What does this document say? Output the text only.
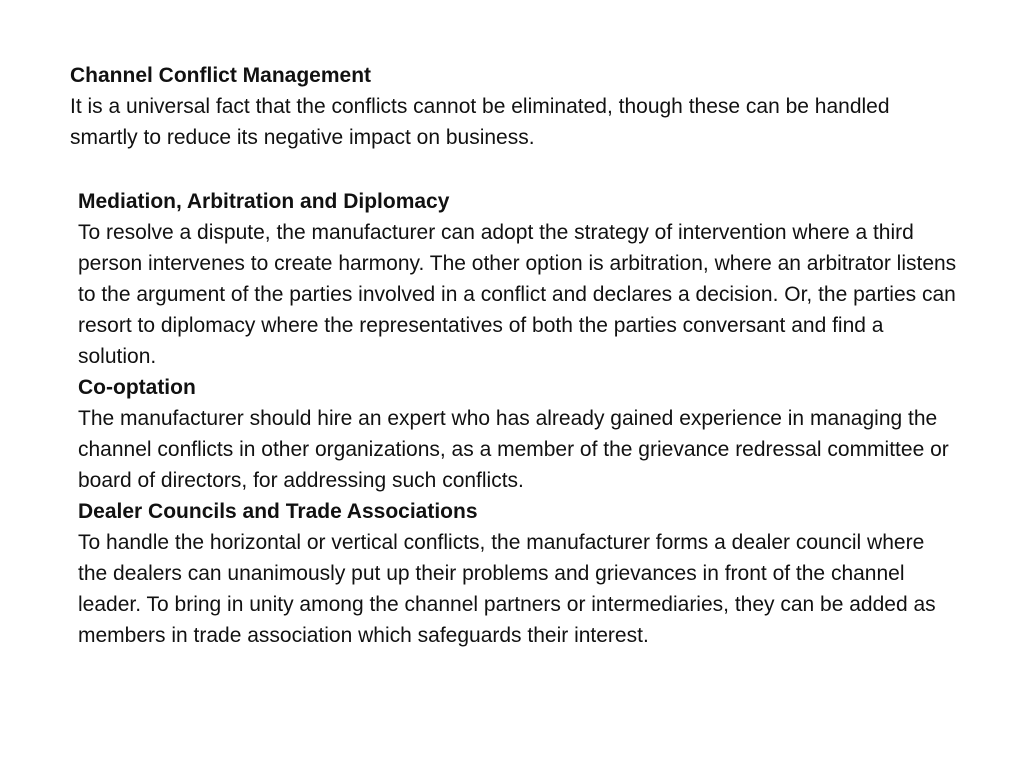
Channel Conflict Management

It is a universal fact that the conflicts cannot be eliminated, though these can be handled smartly to reduce its negative impact on business.

Mediation, Arbitration and Diplomacy

To resolve a dispute, the manufacturer can adopt the strategy of intervention where a third person intervenes to create harmony. The other option is arbitration, where an arbitrator listens to the argument of the parties involved in a conflict and declares a decision. Or, the parties can resort to diplomacy where the representatives of both the parties conversant and find a solution.

Co-optation

The manufacturer should hire an expert who has already gained experience in managing the channel conflicts in other organizations, as a member of the grievance redressal committee or board of directors, for addressing such conflicts.

Dealer Councils and Trade Associations

To handle the horizontal or vertical conflicts, the manufacturer forms a dealer council where the dealers can unanimously put up their problems and grievances in front of the channel leader. To bring in unity among the channel partners or intermediaries, they can be added as members in trade association which safeguards their interest.
